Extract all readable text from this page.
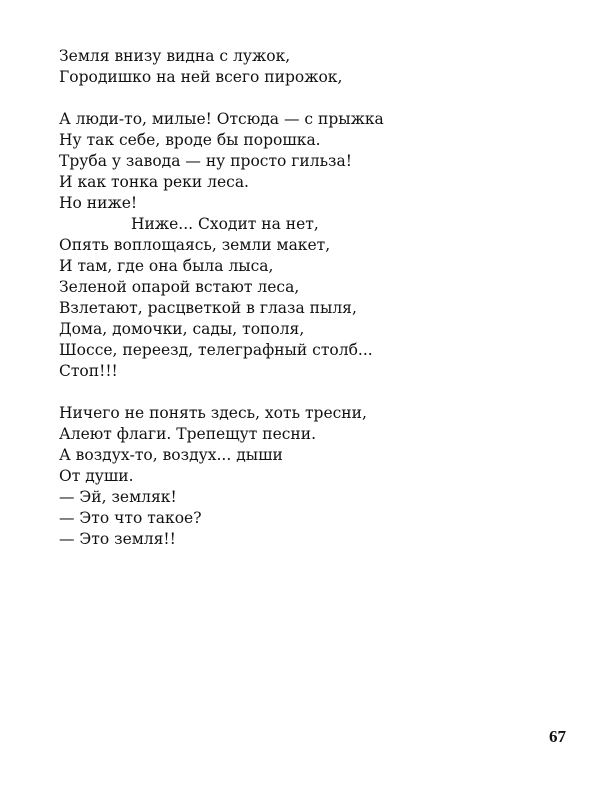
Земля внизу видна с лужок,
Городишко на ней всего пирожок,
А люди-то, милые! Отсюда — с прыжка
Ну так себе, вроде бы порошка.
Труба у завода — ну просто гильза!
И как тонка реки леса.
Но ниже!
Ниже... Сходит на нет,
Опять воплощаясь, земли макет,
И там, где она была лыса,
Зеленой опарой встают леса,
Взлетают, расцветкой в глаза пыля,
Дома, домочки, сады, тополя,
Шоссе, переезд, телеграфный столб...
Стоп!!!
Ничего не понять здесь, хоть тресни,
Алеют флаги. Трепещут песни.
А воздух-то, воздух... дыши
От души.
— Эй, земляк!
— Это что такое?
— Это земля!!
67
